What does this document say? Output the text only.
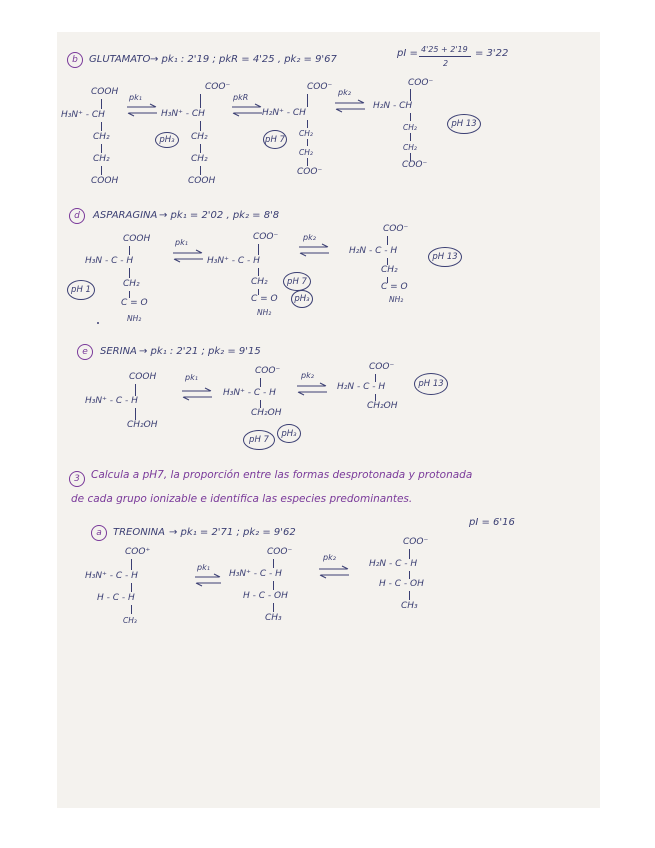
b GLUTAMATO → pk₁ : 2'19 ; pkR = 4'25 , pk₂ = 9'67
pI = 4'25 + 2'19
2
= 3'22
COOH
H₃N⁺ - CH
CH₂
CH₂
COOH
pk₁
COO⁻
H₃N⁺ - CH
CH₂
CH₂
COOH
pH₃
pkR
COO⁻
H₂N⁺ - CH
CH₂
CH₂
COO⁻
pH 7
pk₂
COO⁻
H₂N - CH
CH₂
CH₂
COO⁻
pH 13
d ASPARAGINA → pk₁ = 2'02 , pk₂ = 8'8
COOH
H₃N - C - H
CH₂
C = O
NH₂
pH 1
pk₁
COO⁻
H₃N⁺ - C - H
CH₂
C = O
NH₂
pH 7
pH₃
pk₂
COO⁻
H₂N - C - H
CH₂
C = O
NH₂
pH 13
e SERINA → pk₁ : 2'21 ; pk₂ = 9'15
COOH
H₃N⁺ - C - H
CH₂OH
pk₁
COO⁻
H₃N⁺ - C - H
CH₂OH
pH 7
pH₃
pk₂
COO⁻
H₂N - C - H
CH₂OH
pH 13
3 Calcula a pH7, la proporción entre las formas desprotonada y protonada
de cada grupo ionizable e identifica las especies predominantes.
a TREONINA → pk₁ = 2'71 ; pk₂ = 9'62
pI = 6'16
COO⁺
H₃N⁺ - C - H
H - C - H
CH₃
pk₁
COO⁻
H₃N⁺ - C - H
H - C - OH
CH₃
pk₂
COO⁻
H₂N - C - H
H - C - OH
CH₃
